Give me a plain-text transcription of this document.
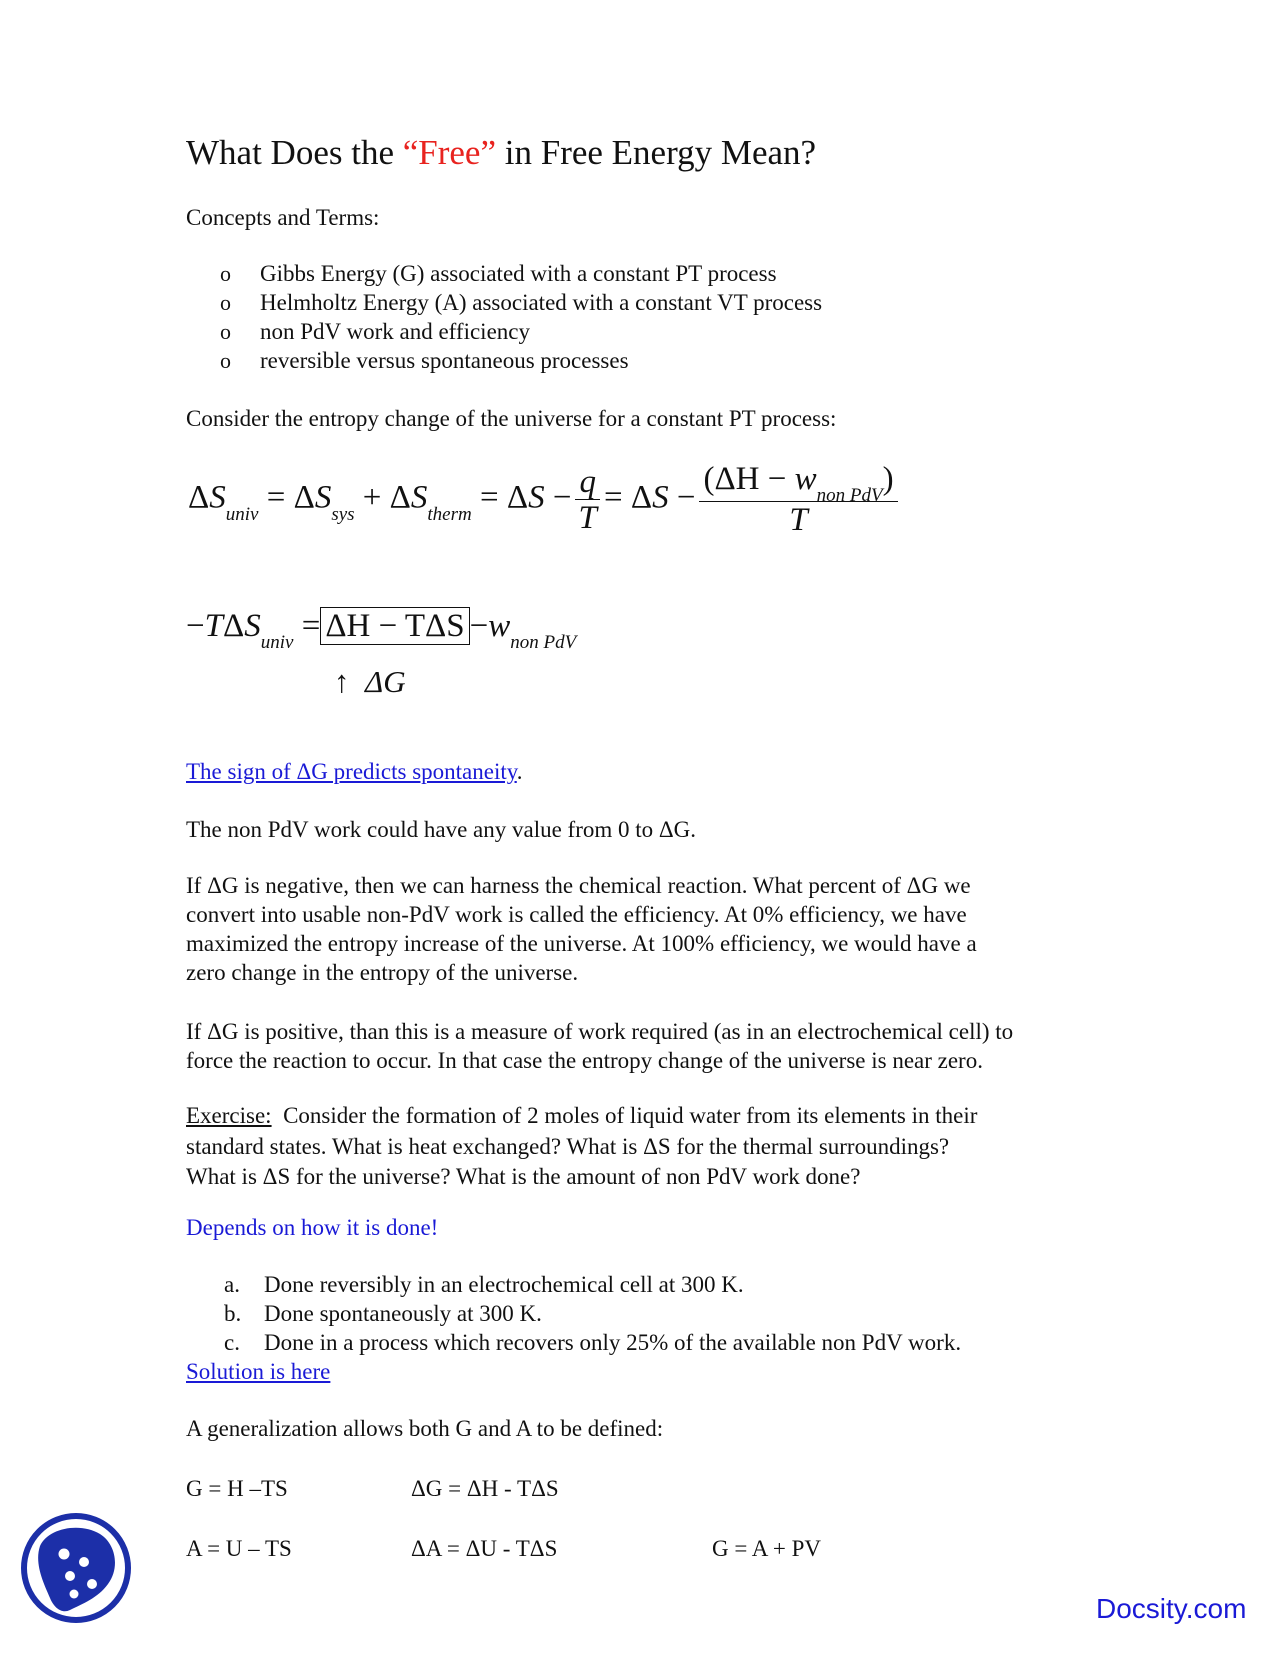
What Does the “Free” in Free Energy Mean?
Concepts and Terms:
o Gibbs Energy (G) associated with a constant PT process
o Helmholtz Energy (A) associated with a constant VT process
o non PdV work and efficiency
o reversible versus spontaneous processes
Consider the entropy change of the universe for a constant PT process:
$\Delta S_{univ} = \Delta S_{sys} + \Delta S_{therm} = \Delta S - \frac{q}{T} = \Delta S - \frac{(\Delta H - w_{non PdV})}{T}$
$-T\Delta S_{univ} = \Delta H - T\Delta S -w_{non PdV}$
↑ ΔG
The sign of ΔG predicts spontaneity.
The non PdV work could have any value from 0 to ΔG.
If ΔG is negative, then we can harness the chemical reaction. What percent of ΔG we
convert into usable non-PdV work is called the efficiency. At 0% efficiency, we have
maximized the entropy increase of the universe. At 100% efficiency, we would have a
zero change in the entropy of the universe.
If ΔG is positive, than this is a measure of work required (as in an electrochemical cell) to
force the reaction to occur. In that case the entropy change of the universe is near zero.
Exercise:  Consider the formation of 2 moles of liquid water from its elements in their
standard states. What is heat exchanged? What is ΔS for the thermal surroundings?
What is ΔS for the universe? What is the amount of non PdV work done?
Depends on how it is done!
a. Done reversibly in an electrochemical cell at 300 K.
b. Done spontaneously at 300 K.
c. Done in a process which recovers only 25% of the available non PdV work.
Solution is here
A generalization allows both G and A to be defined:
G = H –TS	ΔG = ΔH - TΔS
A = U – TS	ΔA = ΔU - TΔS	G = A + PV
Docsity.com
